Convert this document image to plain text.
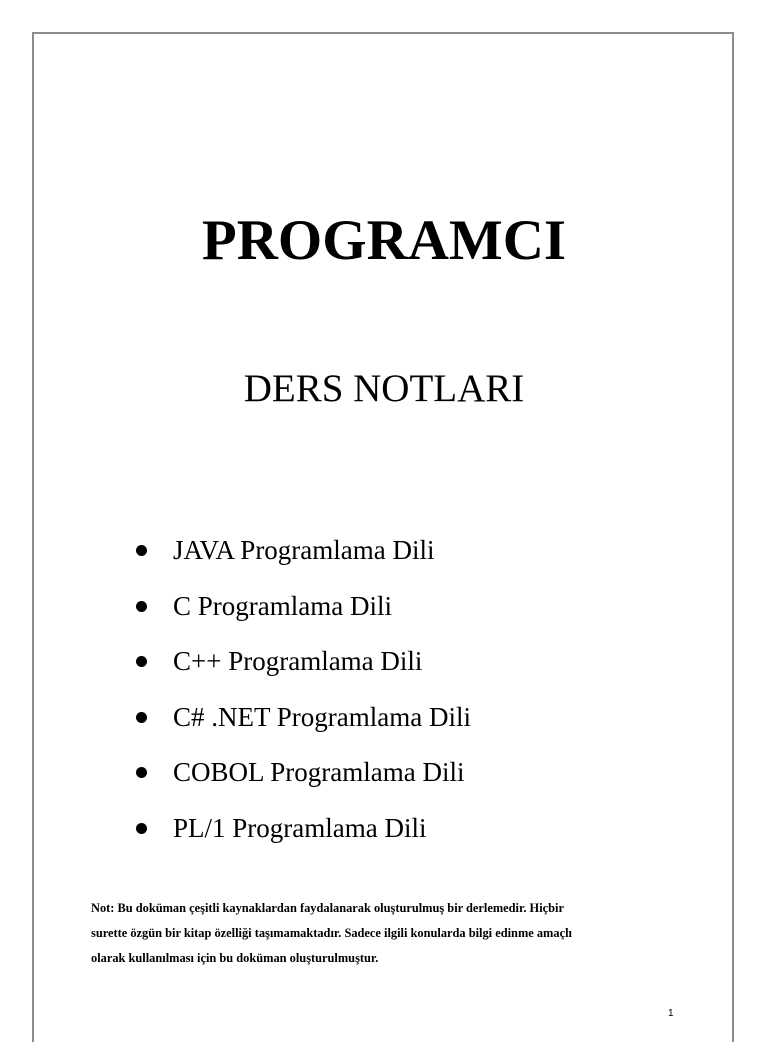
PROGRAMCI
DERS NOTLARI
JAVA Programlama Dili
C Programlama Dili
C++ Programlama Dili
C# .NET Programlama Dili
COBOL Programlama Dili
PL/1 Programlama Dili

Not: Bu doküman çeşitli kaynaklardan faydalanarak oluşturulmuş bir derlemedir. Hiçbir
surette özgün bir kitap özelliği taşımamaktadır. Sadece ilgili konularda bilgi edinme amaçlı
olarak kullanılması için bu doküman oluşturulmuştur.

1
